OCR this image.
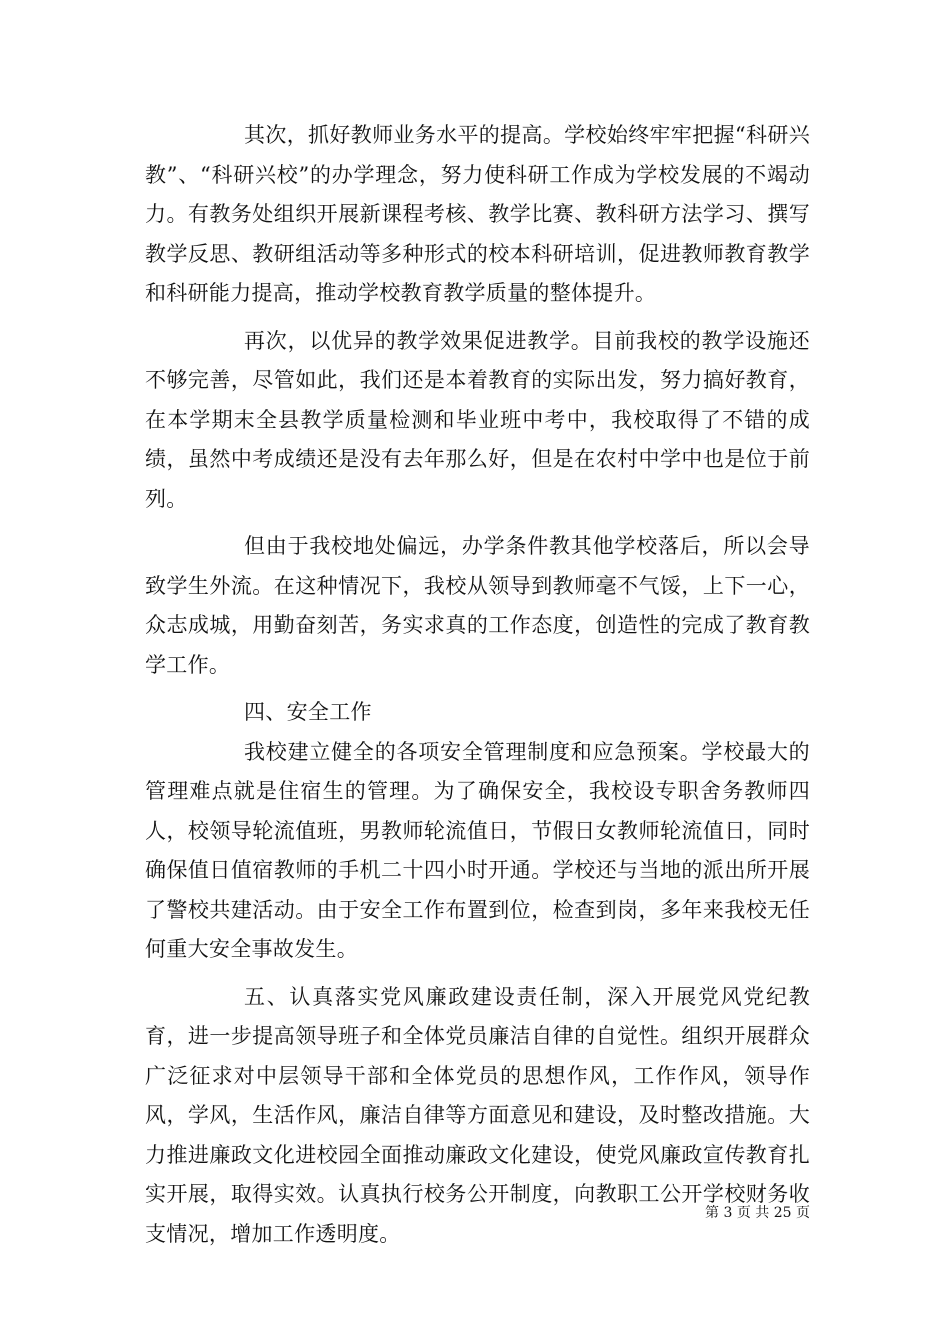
其次，抓好教师业务水平的提高。学校始终牢牢把握“科研兴教”、“科研兴校”的办学理念，努力使科研工作成为学校发展的不竭动力。有教务处组织开展新课程考核、教学比赛、教科研方法学习、撰写教学反思、教研组活动等多种形式的校本科研培训，促进教师教育教学和科研能力提高，推动学校教育教学质量的整体提升。

再次，以优异的教学效果促进教学。目前我校的教学设施还不够完善，尽管如此，我们还是本着教育的实际出发，努力搞好教育，在本学期末全县教学质量检测和毕业班中考中，我校取得了不错的成绩，虽然中考成绩还是没有去年那么好，但是在农村中学中也是位于前列。

但由于我校地处偏远，办学条件教其他学校落后，所以会导致学生外流。在这种情况下，我校从领导到教师毫不气馁，上下一心，众志成城，用勤奋刻苦，务实求真的工作态度，创造性的完成了教育教学工作。

四、安全工作

我校建立健全的各项安全管理制度和应急预案。学校最大的管理难点就是住宿生的管理。为了确保安全，我校设专职舍务教师四人，校领导轮流值班，男教师轮流值日，节假日女教师轮流值日，同时确保值日值宿教师的手机二十四小时开通。学校还与当地的派出所开展了警校共建活动。由于安全工作布置到位，检查到岗，多年来我校无任何重大安全事故发生。

五、认真落实党风廉政建设责任制，深入开展党风党纪教育，进一步提高领导班子和全体党员廉洁自律的自觉性。组织开展群众广泛征求对中层领导干部和全体党员的思想作风，工作作风，领导作风，学风，生活作风，廉洁自律等方面意见和建设，及时整改措施。大力推进廉政文化进校园全面推动廉政文化建设，使党风廉政宣传教育扎实开展，取得实效。认真执行校务公开制度，向教职工公开学校财务收支情况，增加工作透明度。

第 3 页 共 25 页
